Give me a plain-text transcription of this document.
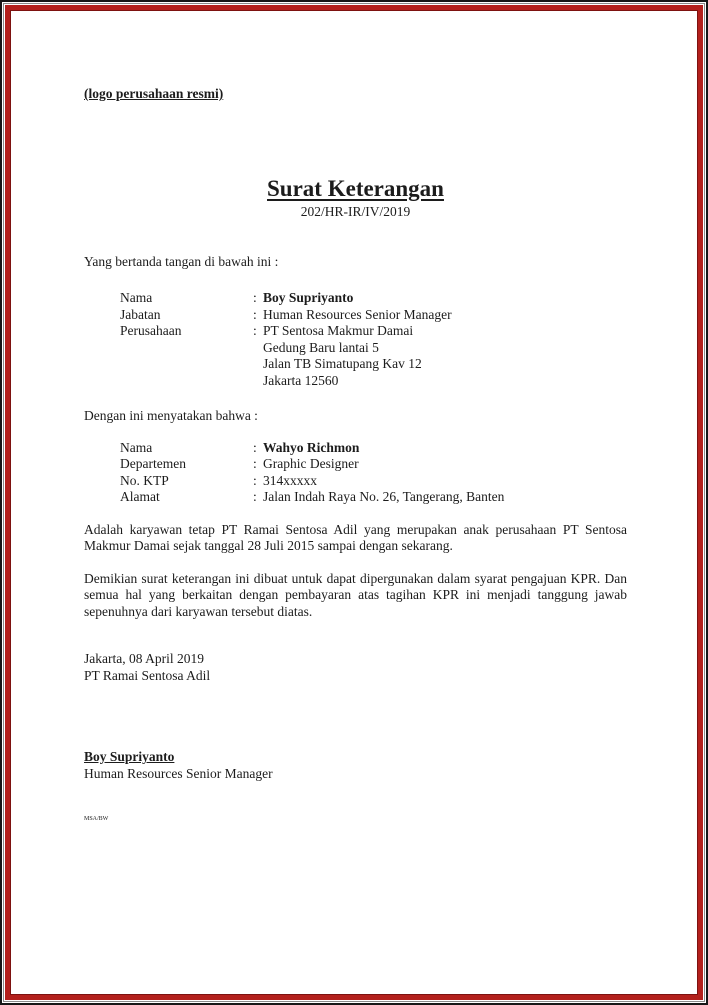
(logo perusahaan resmi)
Surat Keterangan
202/HR-IR/IV/2019
Yang bertanda tangan di bawah ini :
Nama	: Boy Supriyanto
Jabatan	: Human Resources Senior Manager
Perusahaan	: PT Sentosa Makmur Damai
Gedung Baru lantai 5
Jalan TB Simatupang Kav 12
Jakarta 12560
Dengan ini menyatakan bahwa :
Nama	: Wahyo Richmon
Departemen	: Graphic Designer
No. KTP	: 314xxxxx
Alamat	: Jalan Indah Raya No. 26, Tangerang, Banten
Adalah karyawan tetap PT Ramai Sentosa Adil yang merupakan anak perusahaan PT Sentosa Makmur Damai sejak tanggal 28 Juli 2015 sampai dengan sekarang.
Demikian surat keterangan ini dibuat untuk dapat dipergunakan dalam syarat pengajuan KPR. Dan semua hal yang berkaitan dengan pembayaran atas tagihan KPR ini menjadi tanggung jawab sepenuhnya dari karyawan tersebut diatas.
Jakarta, 08 April 2019
PT Ramai Sentosa Adil
Boy Supriyanto
Human Resources Senior Manager
MSA/BW
